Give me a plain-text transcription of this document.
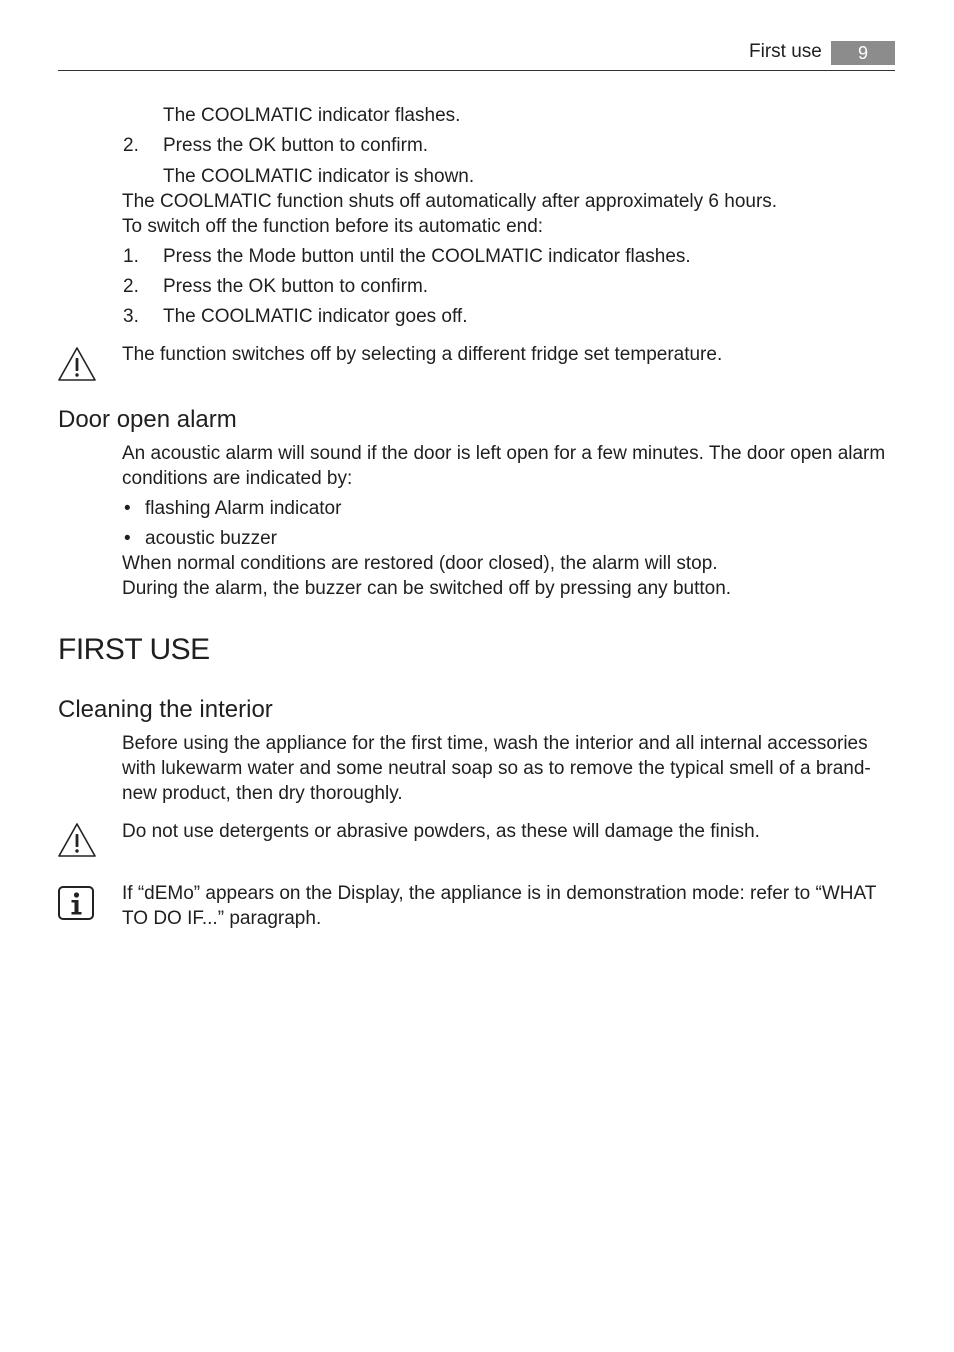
First use	9
The COOLMATIC indicator flashes.
2. Press the OK button to confirm.
The COOLMATIC indicator is shown.
The COOLMATIC function shuts off automatically after approximately 6 hours.
To switch off the function before its automatic end:
1. Press the Mode button until the COOLMATIC indicator flashes.
2. Press the OK button to confirm.
3. The COOLMATIC indicator goes off.
The function switches off by selecting a different fridge set temperature.
Door open alarm
An acoustic alarm will sound if the door is left open for a few minutes. The door open alarm
conditions are indicated by:
• flashing Alarm indicator
• acoustic buzzer
When normal conditions are restored (door closed), the alarm will stop.
During the alarm, the buzzer can be switched off by pressing any button.
FIRST USE
Cleaning the interior
Before using the appliance for the first time, wash the interior and all internal accessories
with lukewarm water and some neutral soap so as to remove the typical smell of a brand-
new product, then dry thoroughly.
Do not use detergents or abrasive powders, as these will damage the finish.
If “dEMo” appears on the Display, the appliance is in demonstration mode: refer to “WHAT
TO DO IF...” paragraph.
